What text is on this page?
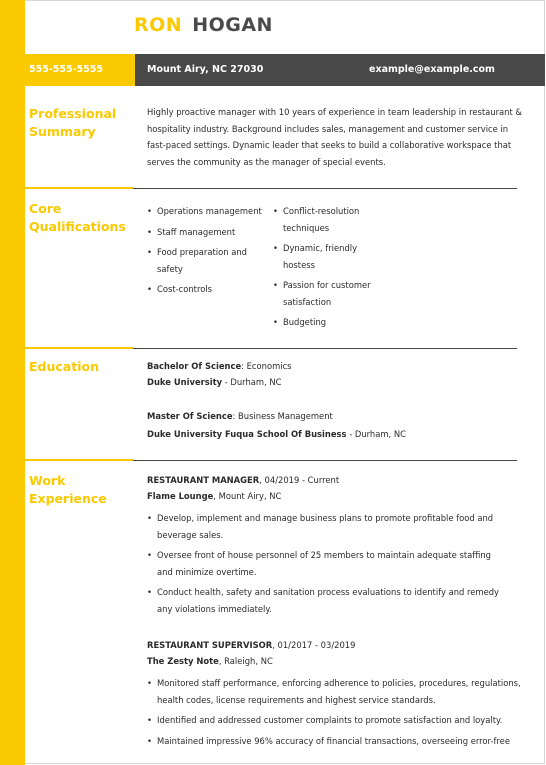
RON HOGAN
555-555-5555	Mount Airy, NC 27030	example@example.com
Professional Summary
Highly proactive manager with 10 years of experience in team leadership in restaurant & hospitality industry. Background includes sales, management and customer service in fast-paced settings. Dynamic leader that seeks to build a collaborative workspace that serves the community as the manager of special events.
Core Qualifications
• Operations management
• Staff management
• Food preparation and safety
• Cost-controls
• Conflict-resolution techniques
• Dynamic, friendly hostess
• Passion for customer satisfaction
• Budgeting
Education	Bachelor Of Science: Economics
Duke University - Durham, NC
Master Of Science: Business Management
Duke University Fuqua School Of Business - Durham, NC
Work Experience
RESTAURANT MANAGER, 04/2019 - Current
Flame Lounge, Mount Airy, NC
• Develop, implement and manage business plans to promote profitable food and beverage sales.
• Oversee front of house personnel of 25 members to maintain adequate staffing and minimize overtime.
• Conduct health, safety and sanitation process evaluations to identify and remedy any violations immediately.
RESTAURANT SUPERVISOR, 01/2017 - 03/2019
The Zesty Note, Raleigh, NC
• Monitored staff performance, enforcing adherence to policies, procedures, regulations, health codes, license requirements and highest service standards.
• Identified and addressed customer complaints to promote satisfaction and loyalty.
• Maintained impressive 96% accuracy of financial transactions, overseeing error-free
